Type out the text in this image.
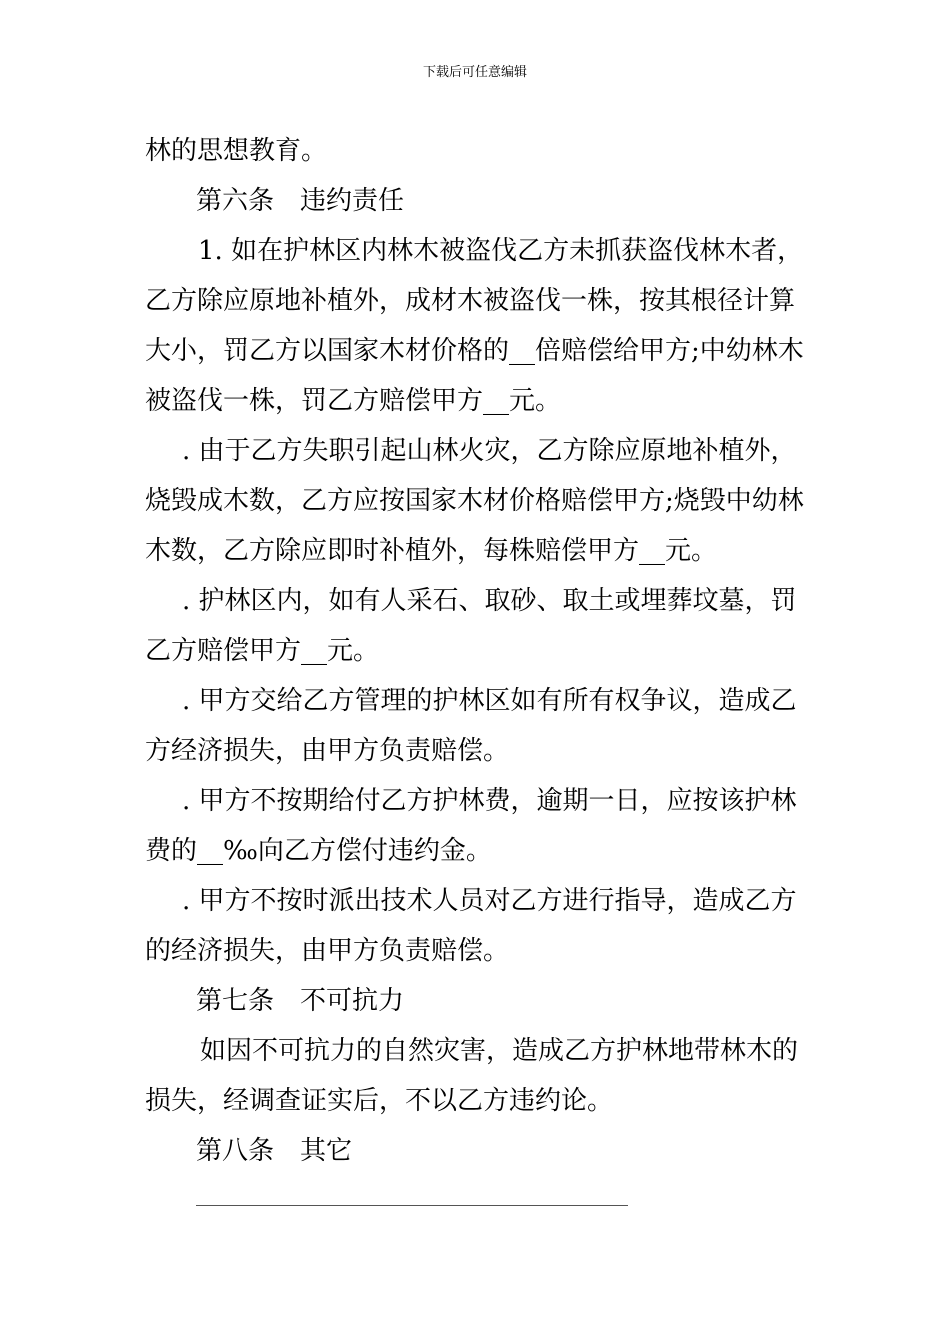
下载后可任意编辑
林的思想教育。
第六条 违约责任
1. 如在护林区内林木被盗伐乙方未抓获盗伐林木者，
乙方除应原地补植外，成材木被盗伐一株，按其根径计算
大小，罚乙方以国家木材价格的__倍赔偿给甲方;中幼林木
被盗伐一株，罚乙方赔偿甲方__元。
. 由于乙方失职引起山林火灾，乙方除应原地补植外，
烧毁成木数，乙方应按国家木材价格赔偿甲方;烧毁中幼林
木数，乙方除应即时补植外，每株赔偿甲方__元。
. 护林区内，如有人采石、取砂、取土或埋葬坟墓，罚
乙方赔偿甲方__元。
. 甲方交给乙方管理的护林区如有所有权争议，造成乙
方经济损失，由甲方负责赔偿。
. 甲方不按期给付乙方护林费，逾期一日，应按该护林
费的__‰向乙方偿付违约金。
. 甲方不按时派出技术人员对乙方进行指导，造成乙方
的经济损失，由甲方负责赔偿。
第七条 不可抗力
如因不可抗力的自然灾害，造成乙方护林地带林木的
损失，经调查证实后，不以乙方违约论。
第八条 其它
